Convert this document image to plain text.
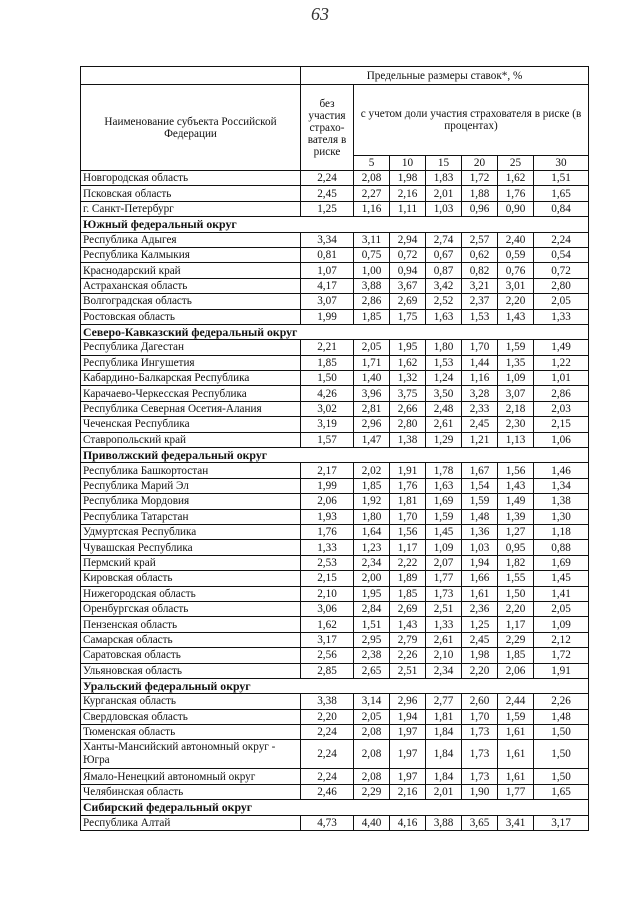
63
	Предельные размеры ставок*, %						
Наименование субъекта Российской Федерации	без участия страхо-вателя в риске	с учетом доли участия страхователя в риске (в процентах)					
		5	10	15	20	25	30
Новгородская область	2,24	2,08	1,98	1,83	1,72	1,62	1,51
Псковская область	2,45	2,27	2,16	2,01	1,88	1,76	1,65
г. Санкт-Петербург	1,25	1,16	1,11	1,03	0,96	0,90	0,84
Южный федеральный округ							
Республика Адыгея	3,34	3,11	2,94	2,74	2,57	2,40	2,24
Республика Калмыкия	0,81	0,75	0,72	0,67	0,62	0,59	0,54
Краснодарский край	1,07	1,00	0,94	0,87	0,82	0,76	0,72
Астраханская область	4,17	3,88	3,67	3,42	3,21	3,01	2,80
Волгоградская область	3,07	2,86	2,69	2,52	2,37	2,20	2,05
Ростовская область	1,99	1,85	1,75	1,63	1,53	1,43	1,33
Северо-Кавказский федеральный округ							
Республика Дагестан	2,21	2,05	1,95	1,80	1,70	1,59	1,49
Республика Ингушетия	1,85	1,71	1,62	1,53	1,44	1,35	1,22
Кабардино-Балкарская Республика	1,50	1,40	1,32	1,24	1,16	1,09	1,01
Карачаево-Черкесская Республика	4,26	3,96	3,75	3,50	3,28	3,07	2,86
Республика Северная Осетия-Алания	3,02	2,81	2,66	2,48	2,33	2,18	2,03
Чеченская Республика	3,19	2,96	2,80	2,61	2,45	2,30	2,15
Ставропольский край	1,57	1,47	1,38	1,29	1,21	1,13	1,06
Приволжский федеральный округ							
Республика Башкортостан	2,17	2,02	1,91	1,78	1,67	1,56	1,46
Республика Марий Эл	1,99	1,85	1,76	1,63	1,54	1,43	1,34
Республика Мордовия	2,06	1,92	1,81	1,69	1,59	1,49	1,38
Республика Татарстан	1,93	1,80	1,70	1,59	1,48	1,39	1,30
Удмуртская Республика	1,76	1,64	1,56	1,45	1,36	1,27	1,18
Чувашская Республика	1,33	1,23	1,17	1,09	1,03	0,95	0,88
Пермский край	2,53	2,34	2,22	2,07	1,94	1,82	1,69
Кировская область	2,15	2,00	1,89	1,77	1,66	1,55	1,45
Нижегородская область	2,10	1,95	1,85	1,73	1,61	1,50	1,41
Оренбургская область	3,06	2,84	2,69	2,51	2,36	2,20	2,05
Пензенская область	1,62	1,51	1,43	1,33	1,25	1,17	1,09
Самарская область	3,17	2,95	2,79	2,61	2,45	2,29	2,12
Саратовская область	2,56	2,38	2,26	2,10	1,98	1,85	1,72
Ульяновская область	2,85	2,65	2,51	2,34	2,20	2,06	1,91
Уральский федеральный округ							
Курганская область	3,38	3,14	2,96	2,77	2,60	2,44	2,26
Свердловская область	2,20	2,05	1,94	1,81	1,70	1,59	1,48
Тюменская область	2,24	2,08	1,97	1,84	1,73	1,61	1,50
Ханты-Мансийский автономный округ - Югра	2,24	2,08	1,97	1,84	1,73	1,61	1,50
Ямало-Ненецкий автономный округ	2,24	2,08	1,97	1,84	1,73	1,61	1,50
Челябинская область	2,46	2,29	2,16	2,01	1,90	1,77	1,65
Сибирский федеральный округ							
Республика Алтай	4,73	4,40	4,16	3,88	3,65	3,41	3,17
